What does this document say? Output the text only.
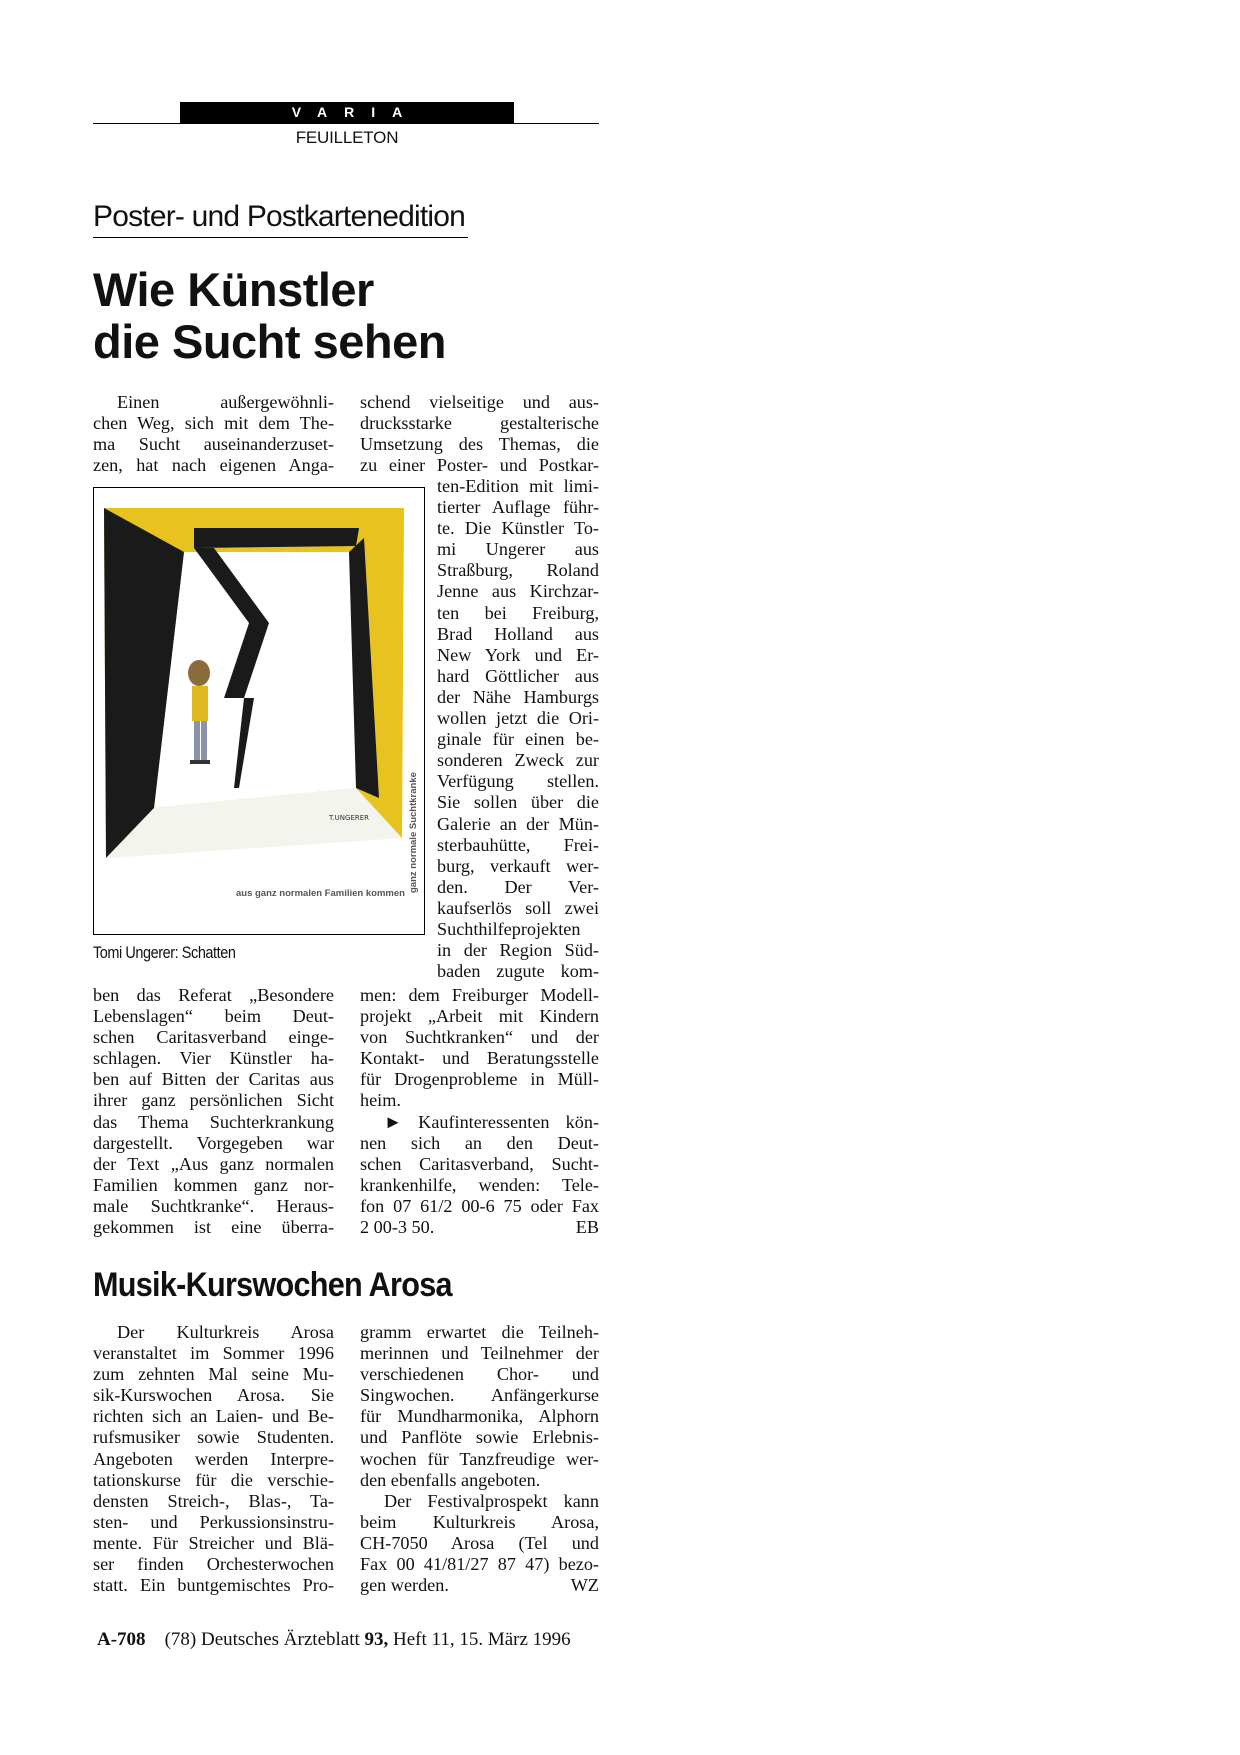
VARIA
FEUILLETON
Poster- und Postkartenedition
Wie Künstler
die Sucht sehen
Einen außergewöhnli-
chen Weg, sich mit dem The-
ma Sucht auseinanderzuset-
zen, hat nach eigenen Anga-
schend vielseitige und aus-
drucksstarke gestalterische
Umsetzung des Themas, die
zu einer Poster- und Postkar-
ten-Edition mit limi-
tierter Auflage führ-
te. Die Künstler To-
mi Ungerer aus
Straßburg, Roland
Jenne aus Kirchzar-
ten bei Freiburg,
Brad Holland aus
New York und Er-
hard Göttlicher aus
der Nähe Hamburgs
wollen jetzt die Ori-
ginale für einen be-
sonderen Zweck zur
Verfügung stellen.
Sie sollen über die
Galerie an der Mün-
sterbauhütte, Frei-
burg, verkauft wer-
den. Der Ver-
kaufserlös soll zwei
Suchthilfeprojekten
in der Region Süd-
baden zugute kom-
T.UNGERER
aus ganz normalen Familien kommen
ganz normale Suchtkranke
Tomi Ungerer: Schatten
ben das Referat „Besondere
Lebenslagen“ beim Deut-
schen Caritasverband einge-
schlagen. Vier Künstler ha-
ben auf Bitten der Caritas aus
ihrer ganz persönlichen Sicht
das Thema Suchterkrankung
dargestellt. Vorgegeben war
der Text „Aus ganz normalen
Familien kommen ganz nor-
male Suchtkranke“. Heraus-
gekommen ist eine überra-
men: dem Freiburger Modell-
projekt „Arbeit mit Kindern
von Suchtkranken“ und der
Kontakt- und Beratungsstelle
für Drogenprobleme in Müll-
heim.
► Kaufinteressenten kön-
nen sich an den Deut-
schen Caritasverband, Sucht-
krankenhilfe, wenden: Tele-
fon 07 61/2 00-6 75 oder Fax
2 00-3 50.	EB
Musik-Kurswochen Arosa
Der Kulturkreis Arosa
veranstaltet im Sommer 1996
zum zehnten Mal seine Mu-
sik-Kurswochen Arosa. Sie
richten sich an Laien- und Be-
rufsmusiker sowie Studenten.
Angeboten werden Interpre-
tationskurse für die verschie-
densten Streich-, Blas-, Ta-
sten- und Perkussionsinstru-
mente. Für Streicher und Blä-
ser finden Orchesterwochen
statt. Ein buntgemischtes Pro-
gramm erwartet die Teilneh-
merinnen und Teilnehmer der
verschiedenen Chor- und
Singwochen. Anfängerkurse
für Mundharmonika, Alphorn
und Panflöte sowie Erlebnis-
wochen für Tanzfreudige wer-
den ebenfalls angeboten.
Der Festivalprospekt kann
beim Kulturkreis Arosa,
CH-7050 Arosa (Tel und
Fax 00 41/81/27 87 47) bezo-
gen werden.	WZ
A-708 (78) Deutsches Ärzteblatt 93, Heft 11, 15. März 1996
